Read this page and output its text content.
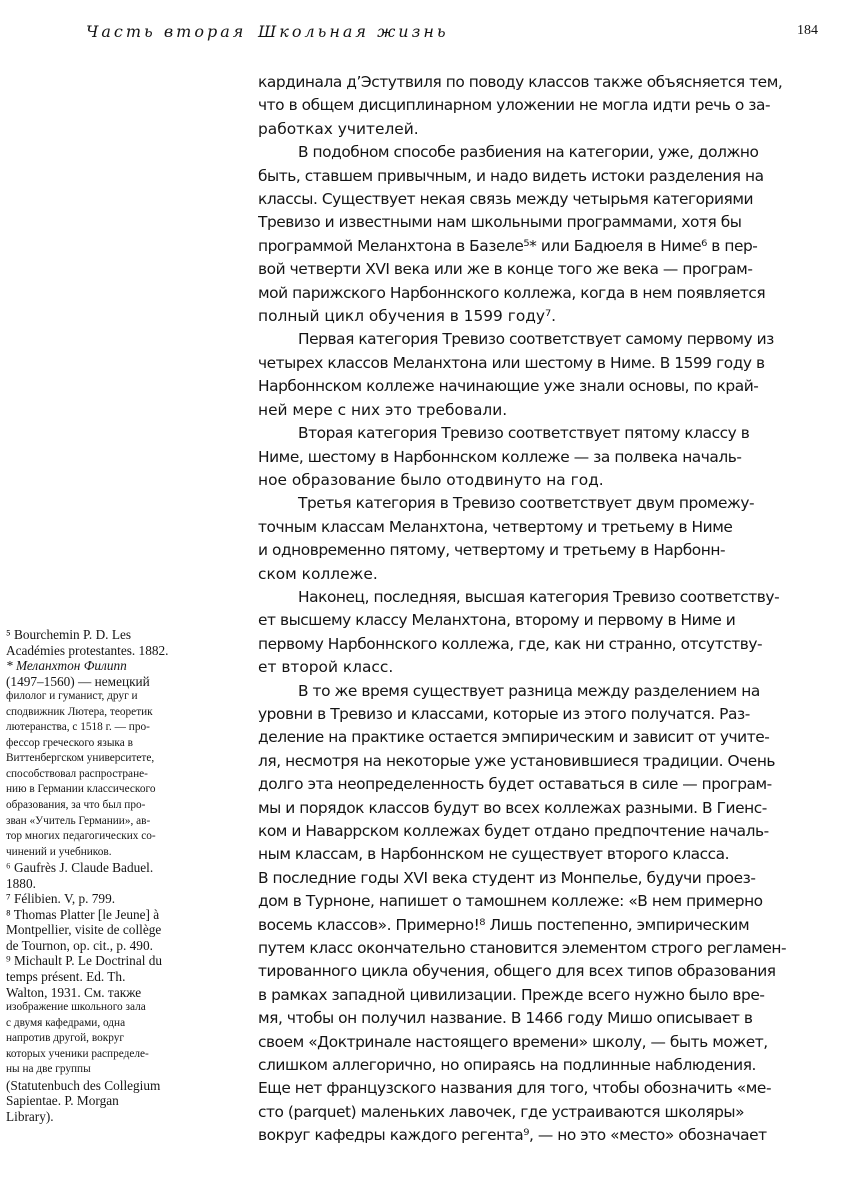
Часть вторая Школьная жизнь	184
⁵ Bourchemin P. D. Les
Académies protestantes. 1882.
* Меланхтон Филипп
(1497–1560) — немецкий
филолог и гуманист, друг и
сподвижник Лютера, теоретик
лютеранства, с 1518 г. — про-
фессор греческого языка в
Виттенбергском университете,
способствовал распростране-
нию в Германии классического
образования, за что был про-
зван «Учитель Германии», ав-
тор многих педагогических со-
чинений и учебников.
⁶ Gaufrès J. Claude Baduel.
1880.
⁷ Félibien. V, p. 799.
⁸ Thomas Platter [le Jeune] à
Montpellier, visite de collège
de Tournon, op. cit., p. 490.
⁹ Michault P. Le Doctrinal du
temps présent. Ed. Th.
Walton, 1931. См. также
изображение школьного зала
с двумя кафедрами, одна
напротив другой, вокруг
которых ученики распределе-
ны на две группы
(Statutenbuch des Collegium
Sapientae. P. Morgan
Library).
кардинала д’Эстутвиля по поводу классов также объясняется тем,
что в общем дисциплинарном уложении не могла идти речь о за-
работках учителей.
В подобном способе разбиения на категории, уже, должно
быть, ставшем привычным, и надо видеть истоки разделения на
классы. Существует некая связь между четырьмя категориями
Тревизо и известными нам школьными программами, хотя бы
программой Меланхтона в Базеле⁵* или Бадюеля в Ниме⁶ в пер-
вой четверти XVI века или же в конце того же века — програм-
мой парижского Нарбоннского коллежа, когда в нем появляется
полный цикл обучения в 1599 году⁷.
Первая категория Тревизо соответствует самому первому из
четырех классов Меланхтона или шестому в Ниме. В 1599 году в
Нарбоннском коллеже начинающие уже знали основы, по край-
ней мере с них это требовали.
Вторая категория Тревизо соответствует пятому классу в
Ниме, шестому в Нарбоннском коллеже — за полвека началь-
ное образование было отодвинуто на год.
Третья категория в Тревизо соответствует двум промежу-
точным классам Меланхтона, четвертому и третьему в Ниме
и одновременно пятому, четвертому и третьему в Нарбонн-
ском коллеже.
Наконец, последняя, высшая категория Тревизо соответству-
ет высшему классу Меланхтона, второму и первому в Ниме и
первому Нарбоннского коллежа, где, как ни странно, отсутству-
ет второй класс.
В то же время существует разница между разделением на
уровни в Тревизо и классами, которые из этого получатся. Раз-
деление на практике остается эмпирическим и зависит от учите-
ля, несмотря на некоторые уже установившиеся традиции. Очень
долго эта неопределенность будет оставаться в силе — програм-
мы и порядок классов будут во всех коллежах разными. В Гиенс-
ком и Наваррском коллежах будет отдано предпочтение началь-
ным классам, в Нарбоннском не существует второго класса.
В последние годы XVI века студент из Монпелье, будучи проез-
дом в Турноне, напишет о тамошнем коллеже: «В нем примерно
восемь классов». Примерно!⁸ Лишь постепенно, эмпирическим
путем класс окончательно становится элементом строго регламен-
тированного цикла обучения, общего для всех типов образования
в рамках западной цивилизации. Прежде всего нужно было вре-
мя, чтобы он получил название. В 1466 году Мишо описывает в
своем «Доктринале настоящего времени» школу, — быть может,
слишком аллегорично, но опираясь на подлинные наблюдения.
Еще нет французского названия для того, чтобы обозначить «ме-
сто (parquet) маленьких лавочек, где устраиваются школяры»
вокруг кафедры каждого регента⁹, — но это «место» обозначает
